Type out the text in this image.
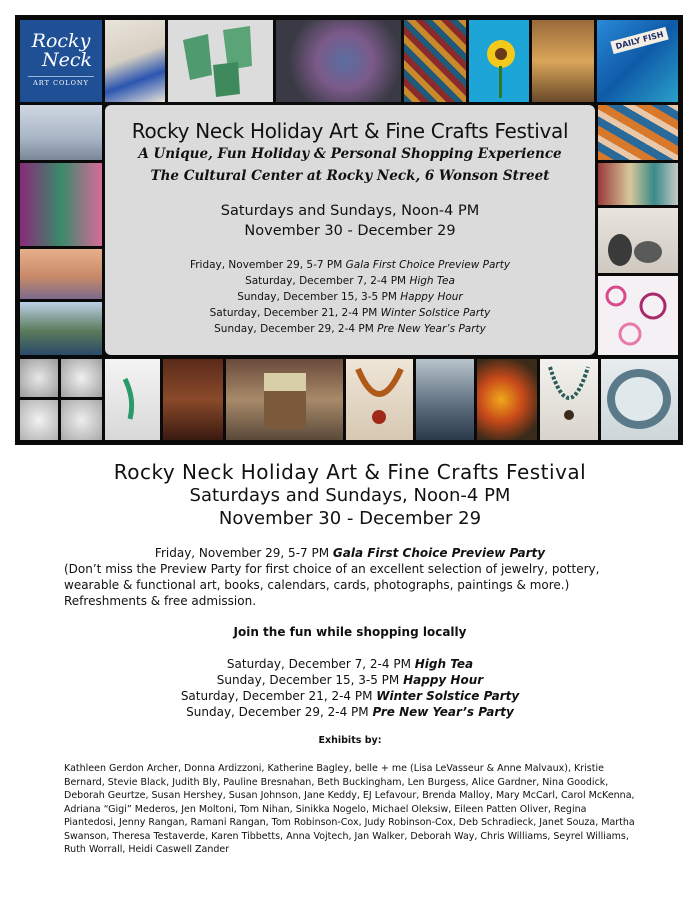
Rocky
Neck
ART COLONY
DAILY FISH
Rocky Neck Holiday Art & Fine Crafts Festival
A Unique, Fun Holiday & Personal Shopping Experience
The Cultural Center at Rocky Neck, 6 Wonson Street
Saturdays and Sundays, Noon-4 PM
November 30 - December 29
Friday, November 29, 5-7 PM Gala First Choice Preview Party
Saturday, December 7, 2-4 PM High Tea
Sunday, December 15, 3-5 PM Happy Hour
Saturday, December 21, 2-4 PM Winter Solstice Party
Sunday, December 29, 2-4 PM Pre New Year’s Party
Rocky Neck Holiday Art & Fine Crafts Festival
Saturdays and Sundays, Noon-4 PM
November 30 - December 29
Friday, November 29, 5-7 PM Gala First Choice Preview Party
(Don’t miss the Preview Party for first choice of an excellent selection of jewelry, pottery, wearable & functional art, books, calendars, cards, photographs, paintings & more.) Refreshments & free admission.
Join the fun while shopping locally
Saturday, December 7, 2-4 PM High Tea
Sunday, December 15, 3-5 PM Happy Hour
Saturday, December 21, 2-4 PM Winter Solstice Party
Sunday, December 29, 2-4 PM Pre New Year’s Party
Exhibits by:
Kathleen Gerdon Archer, Donna Ardizzoni, Katherine Bagley, belle + me (Lisa LeVasseur & Anne Malvaux), Kristie Bernard, Stevie Black, Judith Bly, Pauline Bresnahan, Beth Buckingham, Len Burgess, Alice Gardner, Nina Goodick, Deborah Geurtze, Susan Hershey, Susan Johnson, Jane Keddy, EJ Lefavour, Brenda Malloy, Mary McCarl, Carol McKenna, Adriana “Gigi” Mederos, Jen Moltoni, Tom Nihan, Sinikka Nogelo, Michael Oleksiw, Eileen Patten Oliver, Regina Piantedosi, Jenny Rangan, Ramani Rangan, Tom Robinson-Cox, Judy Robinson-Cox, Deb Schradieck, Janet Souza, Martha Swanson, Theresa Testaverde, Karen Tibbetts, Anna Vojtech, Jan Walker, Deborah Way, Chris Williams, Seyrel Williams, Ruth Worrall, Heidi Caswell Zander
